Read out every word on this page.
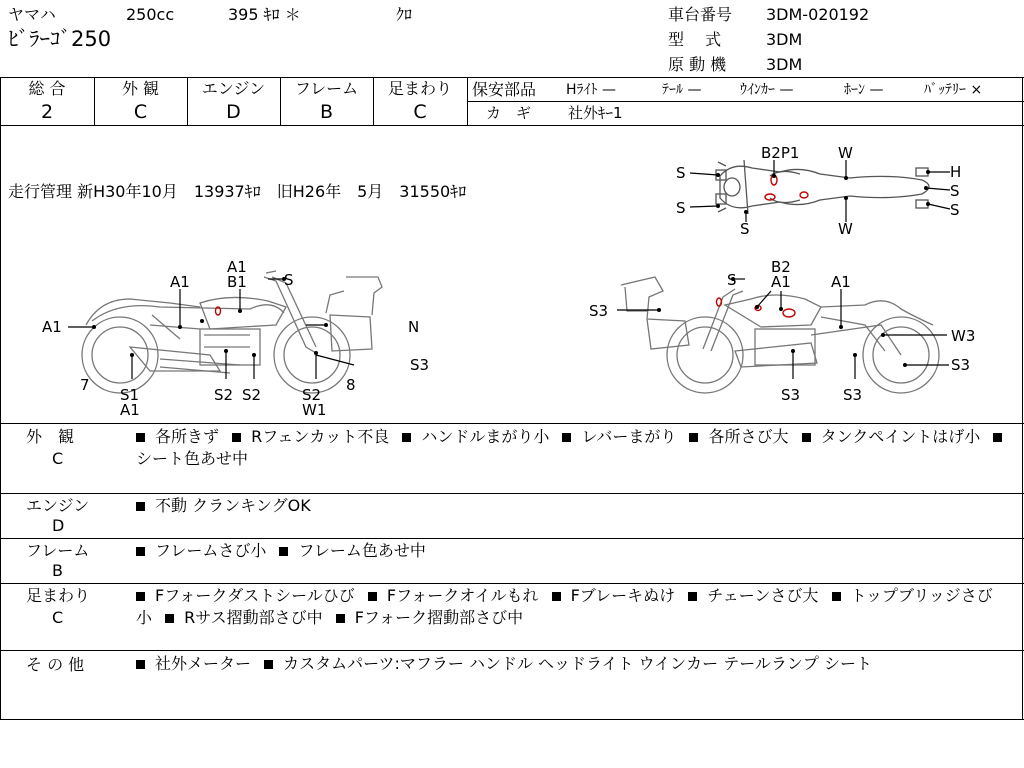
ヤマハ	250cc	395 ｷﾛ ＊	ｸﾛ
ﾋﾞﾗｰｺﾞ250
車台番号 3DM-020192
型　 式	3DM
原 動 機 3DM
総 合
2
外 観
C
エンジン
D
フレーム
B
足まわり
C
保安部品 Hﾗｲﾄ —	ﾃｰﾙ —	ｳｲﾝｶｰ —	ﾎｰﾝ —	ﾊﾞｯﾃﾘｰ ×
カ　ギ 社外ｷｰ1
走行管理 新H30年10月　13937ｷﾛ　旧H26年　5月　31550ｷﾛ
S
S
S
B2P1	W
W
H
S
S
A1
B1 S
A1
A1	N
S3
7
S1
A1
S2 S2	S2
W1
8
S
B2
A1	A1
S3
W3
S3
S3	S3
外　観
C
各所きず Rフェンカット不良 ハンドルまがり小 レバーまがり 各所さび大 タンクペイントはげ小 シート色あせ中
エンジン
D
不動 クランキングOK
フレーム
B
フレームさび小 フレーム色あせ中
足まわり
C
Fフォークダストシールひび Fフォークオイルもれ Fブレーキぬけ チェーンさび大 トップブリッジさび小 Rサス摺動部さび中 Fフォーク摺動部さび中
そ の 他	社外メーター カスタムパーツ:マフラー ハンドル ヘッドライト ウインカー テールランプ シート
